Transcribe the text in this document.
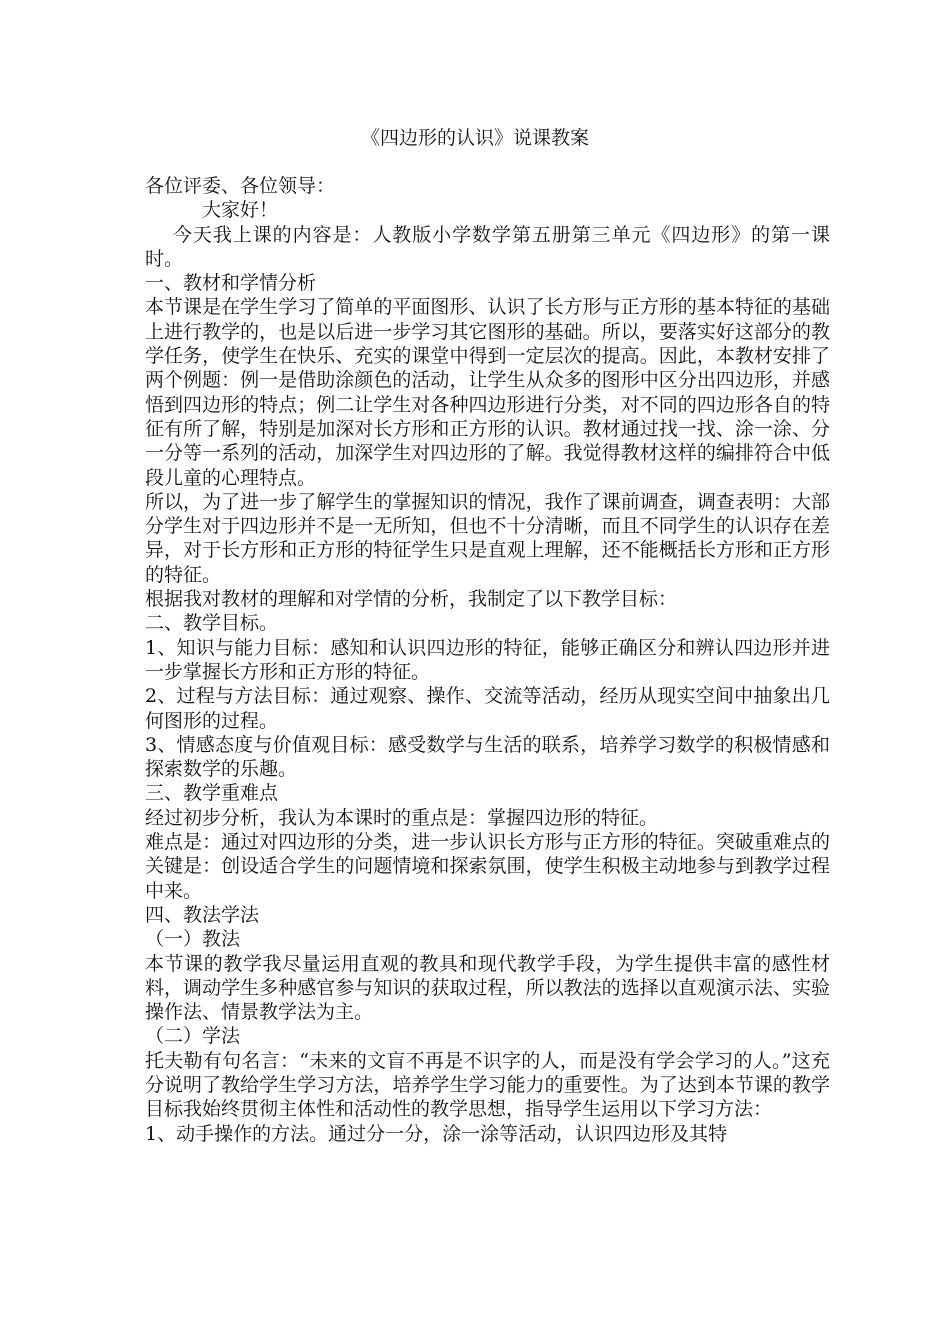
《四边形的认识》说课教案

各位评委、各位领导：

大家好！

今天我上课的内容是：人教版小学数学第五册第三单元《四边形》的第一课时。

一、教材和学情分析

本节课是在学生学习了简单的平面图形、认识了长方形与正方形的基本特征的基础上进行教学的，也是以后进一步学习其它图形的基础。所以，要落实好这部分的教学任务，使学生在快乐、充实的课堂中得到一定层次的提高。因此，本教材安排了两个例题：例一是借助涂颜色的活动，让学生从众多的图形中区分出四边形，并感悟到四边形的特点；例二让学生对各种四边形进行分类，对不同的四边形各自的特征有所了解，特别是加深对长方形和正方形的认识。教材通过找一找、涂一涂、分一分等一系列的活动，加深学生对四边形的了解。我觉得教材这样的编排符合中低段儿童的心理特点。

所以，为了进一步了解学生的掌握知识的情况，我作了课前调查，调查表明：大部分学生对于四边形并不是一无所知，但也不十分清晰，而且不同学生的认识存在差异，对于长方形和正方形的特征学生只是直观上理解，还不能概括长方形和正方形的特征。

根据我对教材的理解和对学情的分析，我制定了以下教学目标：

二、教学目标。

1、知识与能力目标：感知和认识四边形的特征，能够正确区分和辨认四边形并进一步掌握长方形和正方形的特征。

2、过程与方法目标：通过观察、操作、交流等活动，经历从现实空间中抽象出几何图形的过程。

3、情感态度与价值观目标：感受数学与生活的联系，培养学习数学的积极情感和探索数学的乐趣。

三、教学重难点

经过初步分析，我认为本课时的重点是：掌握四边形的特征。

难点是：通过对四边形的分类，进一步认识长方形与正方形的特征。突破重难点的关键是：创设适合学生的问题情境和探索氛围，使学生积极主动地参与到教学过程中来。

四、教法学法

（一）教法

本节课的教学我尽量运用直观的教具和现代教学手段，为学生提供丰富的感性材料，调动学生多种感官参与知识的获取过程，所以教法的选择以直观演示法、实验操作法、情景教学法为主。

（二）学法

托夫勒有句名言：“未来的文盲不再是不识字的人，而是没有学会学习的人。”这充分说明了教给学生学习方法，培养学生学习能力的重要性。为了达到本节课的教学目标我始终贯彻主体性和活动性的教学思想，指导学生运用以下学习方法：

1、动手操作的方法。通过分一分，涂一涂等活动，认识四边形及其特
